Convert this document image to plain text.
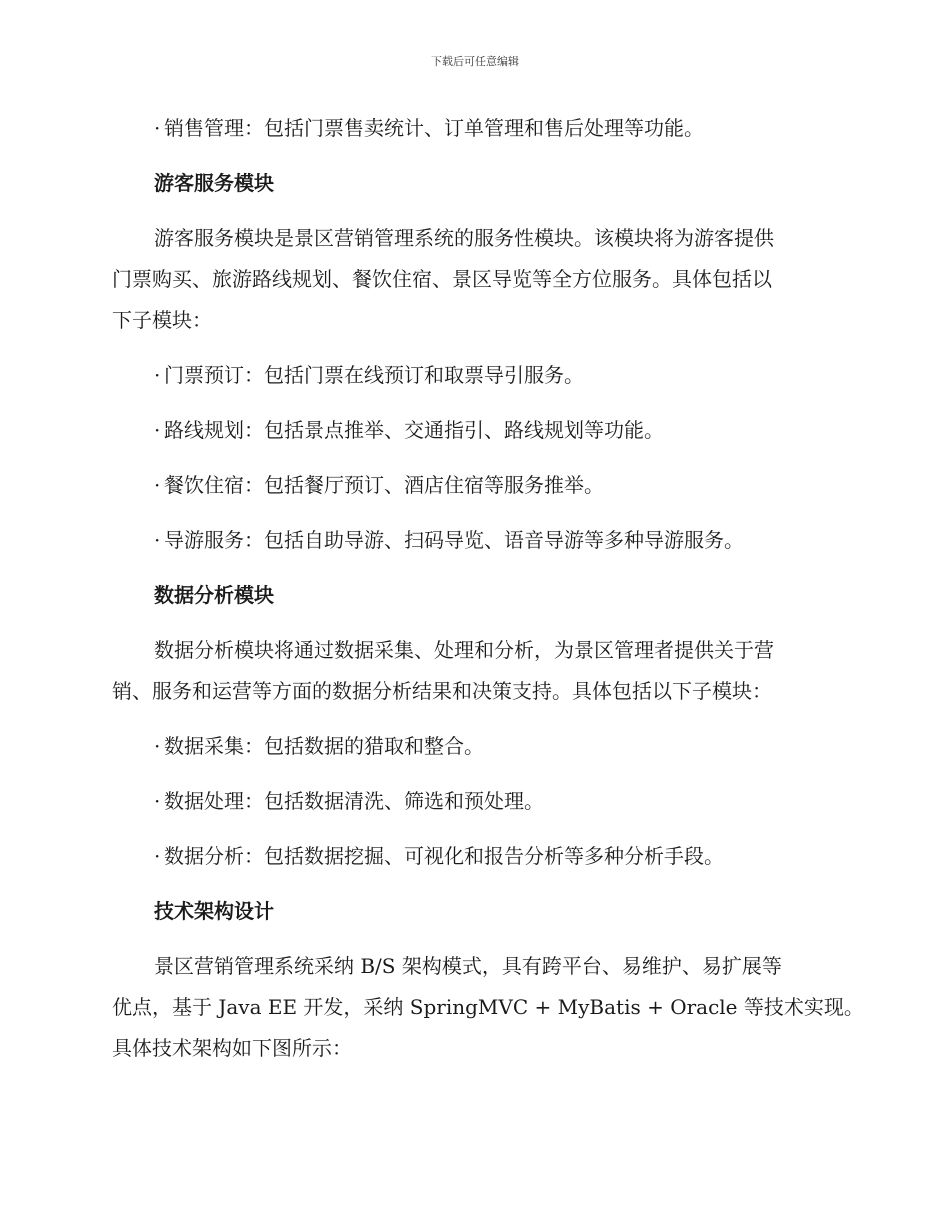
下载后可任意编辑
· 销售管理：包括门票售卖统计、订单管理和售后处理等功能。
游客服务模块
游客服务模块是景区营销管理系统的服务性模块。该模块将为游客提供
门票购买、旅游路线规划、餐饮住宿、景区导览等全方位服务。具体包括以
下子模块：
· 门票预订：包括门票在线预订和取票导引服务。
· 路线规划：包括景点推举、交通指引、路线规划等功能。
· 餐饮住宿：包括餐厅预订、酒店住宿等服务推举。
· 导游服务：包括自助导游、扫码导览、语音导游等多种导游服务。
数据分析模块
数据分析模块将通过数据采集、处理和分析，为景区管理者提供关于营
销、服务和运营等方面的数据分析结果和决策支持。具体包括以下子模块：
· 数据采集：包括数据的猎取和整合。
· 数据处理：包括数据清洗、筛选和预处理。
· 数据分析：包括数据挖掘、可视化和报告分析等多种分析手段。
技术架构设计
景区营销管理系统采纳 B/S 架构模式，具有跨平台、易维护、易扩展等
优点，基于 Java EE 开发，采纳 SpringMVC + MyBatis + Oracle 等技术实现。
具体技术架构如下图所示：
